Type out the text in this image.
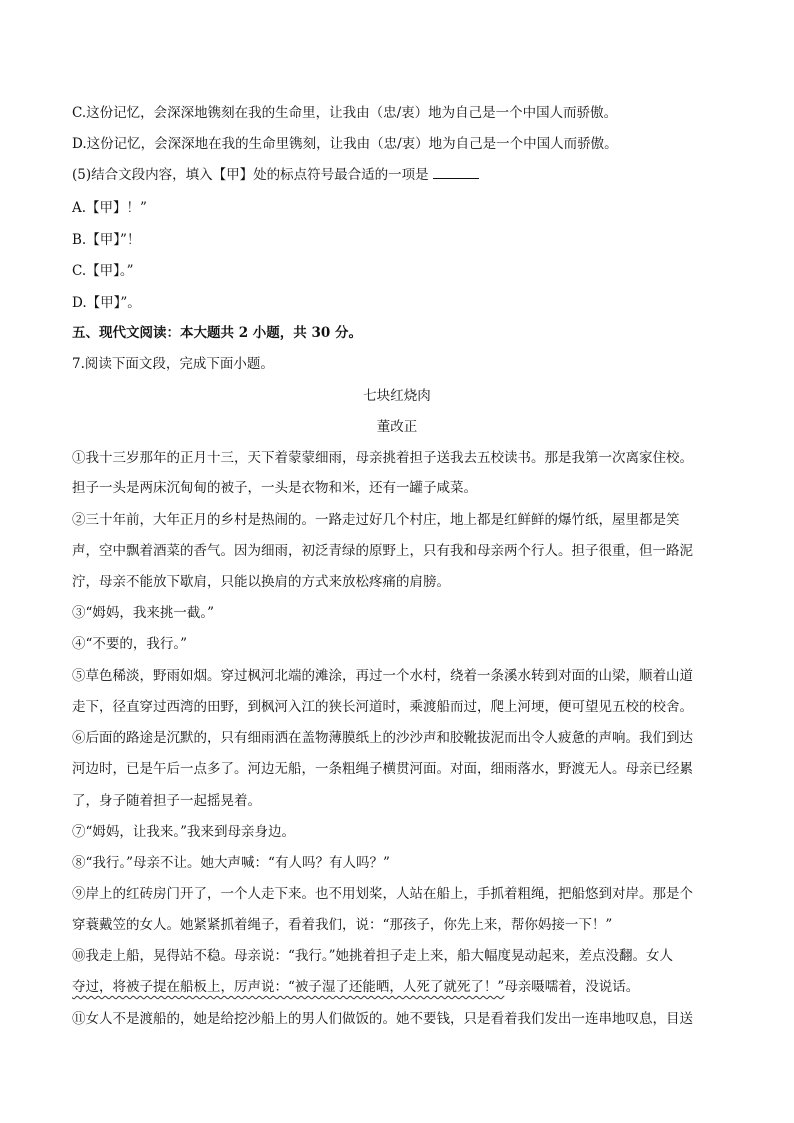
C.这份记忆，会深深地镌刻在我的生命里，让我由（忠/衷）地为自己是一个中国人而骄傲。
D.这份记忆，会深深地在我的生命里镌刻，让我由（忠/衷）地为自己是一个中国人而骄傲。
(5)结合文段内容，填入【甲】处的标点符号最合适的一项是
A.【甲】！”
B.【甲】”！
C.【甲】。”
D.【甲】”。
五、现代文阅读：本大题共 2 小题，共 30 分。
7.阅读下面文段，完成下面小题。
七块红烧肉
董改正
①我十三岁那年的正月十三，天下着蒙蒙细雨，母亲挑着担子送我去五校读书。那是我第一次离家住校。
担子一头是两床沉甸甸的被子，一头是衣物和米，还有一罐子咸菜。
②三十年前，大年正月的乡村是热闹的。一路走过好几个村庄，地上都是红鲜鲜的爆竹纸，屋里都是笑
声，空中飘着酒菜的香气。因为细雨，初泛青绿的原野上，只有我和母亲两个行人。担子很重，但一路泥
泞，母亲不能放下歇肩，只能以换肩的方式来放松疼痛的肩膀。
③“姆妈，我来挑一截。”
④“不要的，我行。”
⑤草色稀淡，野雨如烟。穿过枫河北端的滩涂，再过一个水村，绕着一条溪水转到对面的山梁，顺着山道
走下，径直穿过西湾的田野，到枫河入江的狭长河道时，乘渡船而过，爬上河埂，便可望见五校的校舍。
⑥后面的路途是沉默的，只有细雨洒在盖物薄膜纸上的沙沙声和胶靴拔泥而出令人疲惫的声响。我们到达
河边时，已是午后一点多了。河边无船，一条粗绳子横贯河面。对面，细雨落水，野渡无人。母亲已经累
了，身子随着担子一起摇晃着。
⑦“姆妈，让我来。”我来到母亲身边。
⑧“我行。”母亲不让。她大声喊：“有人吗？有人吗？”
⑨岸上的红砖房门开了，一个人走下来。也不用划桨，人站在船上，手抓着粗绳，把船悠到对岸。那是个
穿蓑戴笠的女人。她紧紧抓着绳子，看着我们，说：“那孩子，你先上来，帮你妈接一下！”
⑩我走上船，晃得站不稳。母亲说：“我行。”她挑着担子走上来，船大幅度晃动起来，差点没翻。女人
夺过，将被子提在船板上，厉声说：“被子湿了还能晒，人死了就死了！”母亲嗫嚅着，没说话。
⑪女人不是渡船的，她是给挖沙船上的男人们做饭的。她不要钱，只是看着我们发出一连串地叹息，目送
